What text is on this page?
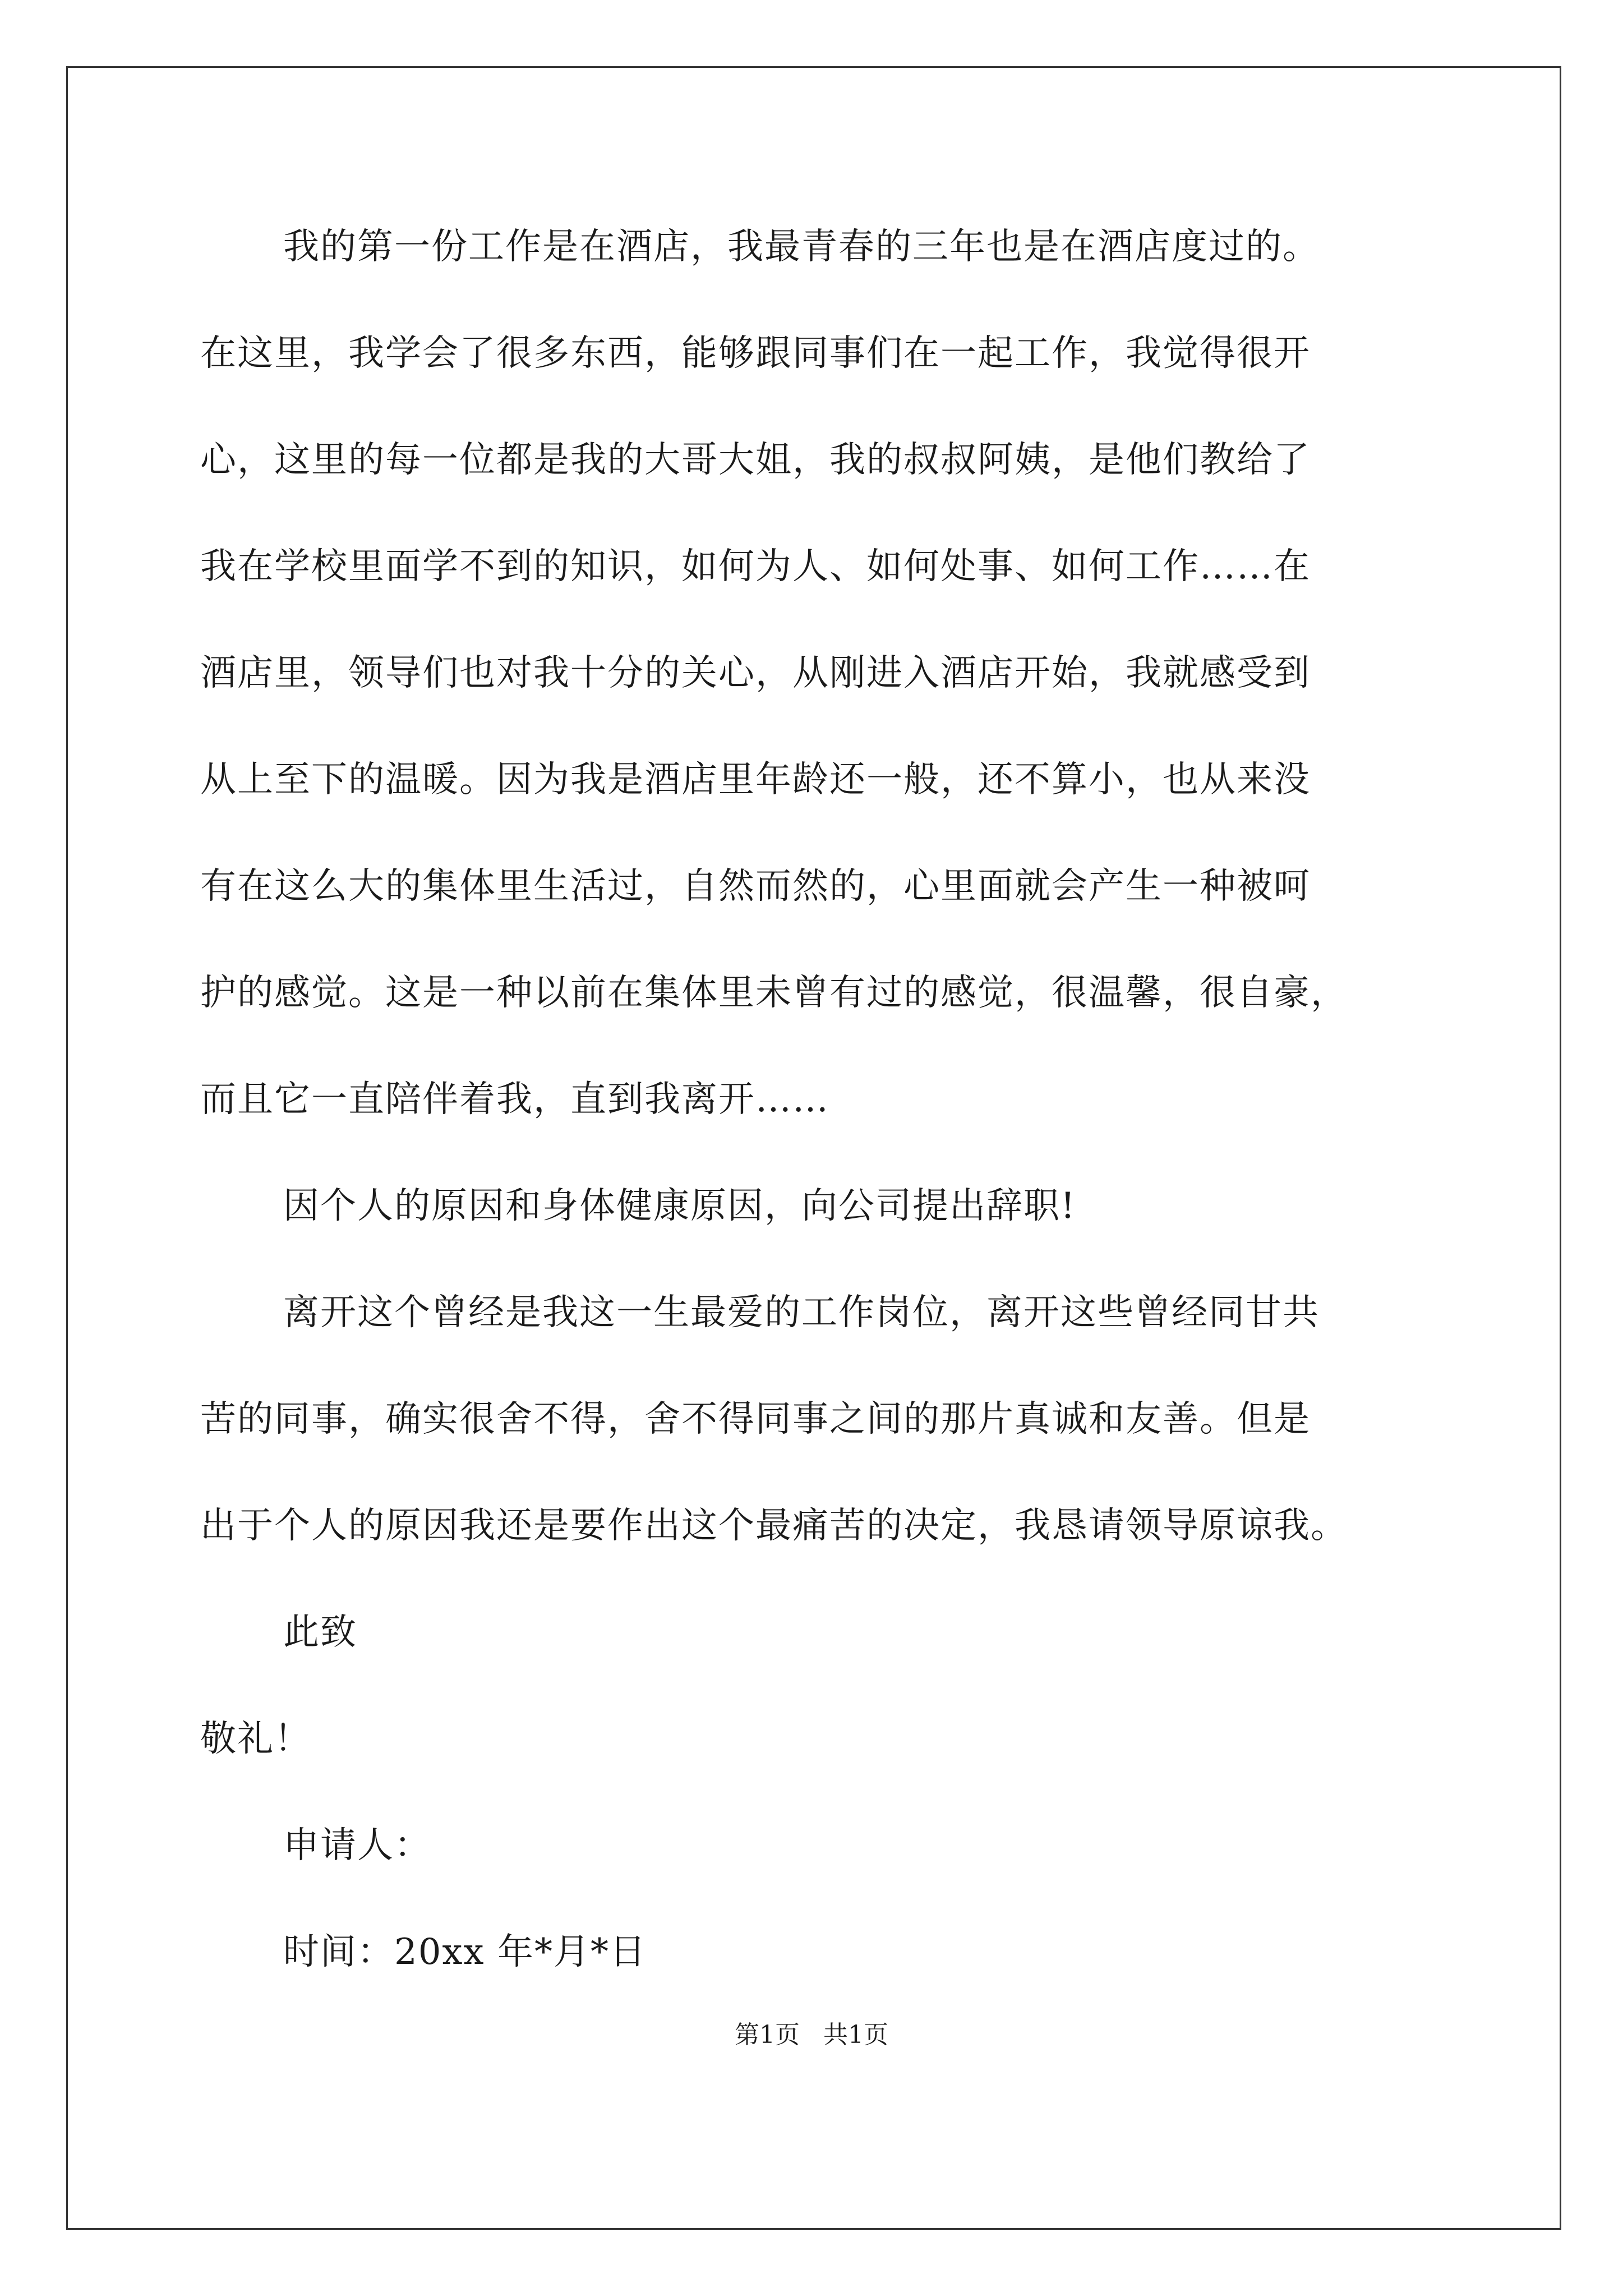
我的第一份工作是在酒店，我最青春的三年也是在酒店度过的。
在这里，我学会了很多东西，能够跟同事们在一起工作，我觉得很开
心，这里的每一位都是我的大哥大姐，我的叔叔阿姨，是他们教给了
我在学校里面学不到的知识，如何为人、如何处事、如何工作……在
酒店里，领导们也对我十分的关心，从刚进入酒店开始，我就感受到
从上至下的温暖。因为我是酒店里年龄还一般，还不算小，也从来没
有在这么大的集体里生活过，自然而然的，心里面就会产生一种被呵
护的感觉。这是一种以前在集体里未曾有过的感觉，很温馨，很自豪，
而且它一直陪伴着我，直到我离开……
因个人的原因和身体健康原因，向公司提出辞职!
离开这个曾经是我这一生最爱的工作岗位，离开这些曾经同甘共
苦的同事，确实很舍不得，舍不得同事之间的那片真诚和友善。但是
出于个人的原因我还是要作出这个最痛苦的决定，我恳请领导原谅我。
此致
敬礼！
申请人：
时间：20xx 年*月*日
第1页   共1页
